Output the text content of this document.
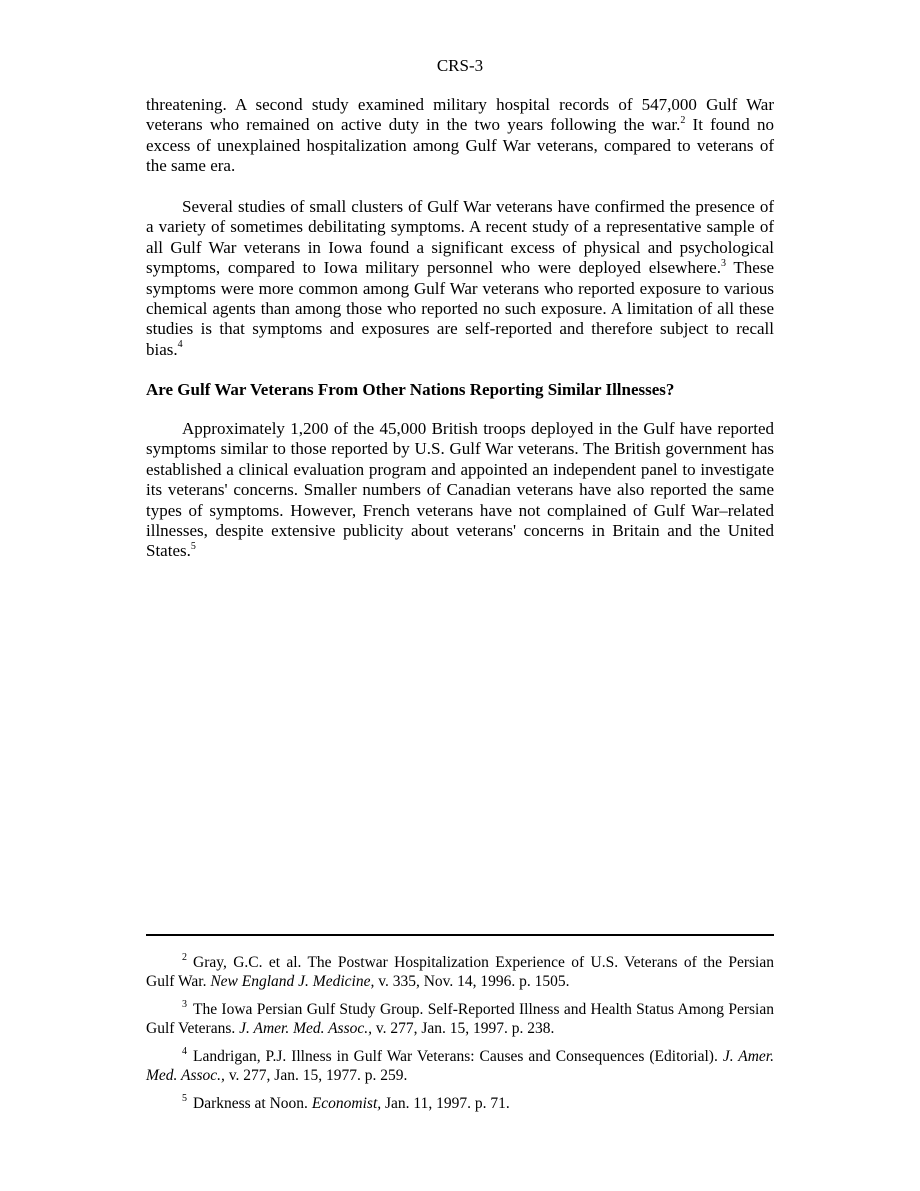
CRS-3

threatening. A second study examined military hospital records of 547,000 Gulf War veterans who remained on active duty in the two years following the war.$^2$ It found no excess of unexplained hospitalization among Gulf War veterans, compared to veterans of the same era.

Several studies of small clusters of Gulf War veterans have confirmed the presence of a variety of sometimes debilitating symptoms. A recent study of a representative sample of all Gulf War veterans in Iowa found a significant excess of physical and psychological symptoms, compared to Iowa military personnel who were deployed elsewhere.$^3$ These symptoms were more common among Gulf War veterans who reported exposure to various chemical agents than among those who reported no such exposure. A limitation of all these studies is that symptoms and exposures are self-reported and therefore subject to recall bias.$^4$

Are Gulf War Veterans From Other Nations Reporting Similar Illnesses?

Approximately 1,200 of the 45,000 British troops deployed in the Gulf have reported symptoms similar to those reported by U.S. Gulf War veterans. The British government has established a clinical evaluation program and appointed an independent panel to investigate its veterans' concerns. Smaller numbers of Canadian veterans have also reported the same types of symptoms. However, French veterans have not complained of Gulf War–related illnesses, despite extensive publicity about veterans' concerns in Britain and the United States.$^5$

$^2$ Gray, G.C. et al. The Postwar Hospitalization Experience of U.S. Veterans of the Persian Gulf War. New England J. Medicine, v. 335, Nov. 14, 1996. p. 1505.

$^3$ The Iowa Persian Gulf Study Group. Self-Reported Illness and Health Status Among Persian Gulf Veterans. J. Amer. Med. Assoc., v. 277, Jan. 15, 1997. p. 238.

$^4$ Landrigan, P.J. Illness in Gulf War Veterans: Causes and Consequences (Editorial). J. Amer. Med. Assoc., v. 277, Jan. 15, 1977. p. 259.

$^5$ Darkness at Noon. Economist, Jan. 11, 1997. p. 71.
